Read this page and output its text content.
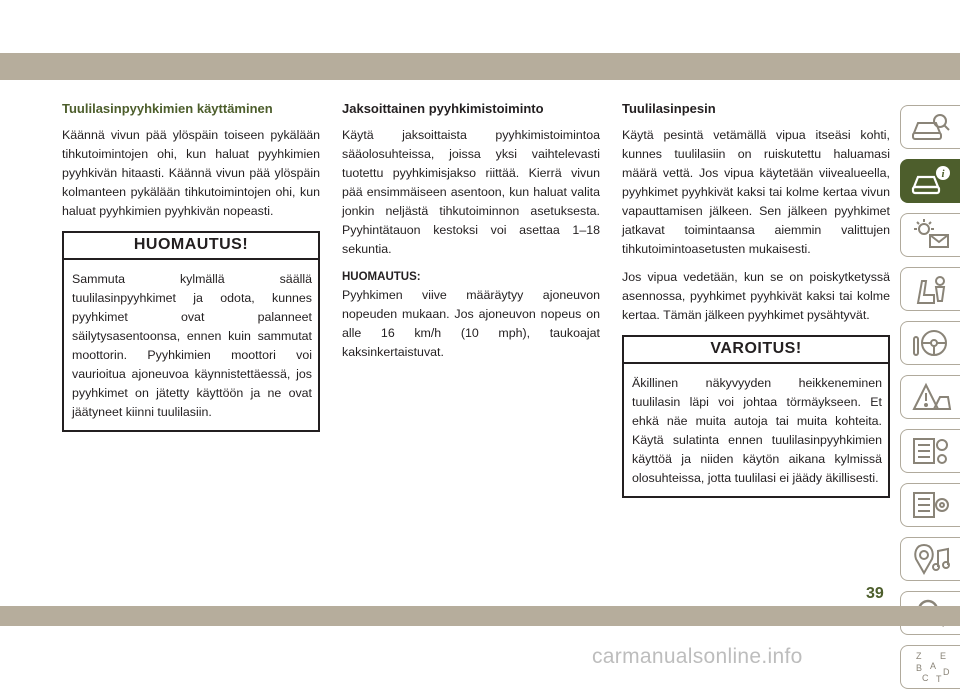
Tuulilasinpyyhkimien käyttäminen

Käännä vivun pää ylöspäin toiseen pykälään tihkutoimintojen ohi, kun haluat pyyhkimien pyyhkivän hitaasti. Käännä vivun pää ylöspäin kolmanteen pykälään tihkutoimintojen ohi, kun haluat pyyhkimien pyyhkivän nopeasti.

HUOMAUTUS!
Sammuta kylmällä säällä tuulilasinpyyhkimet ja odota, kunnes pyyhkimet ovat palanneet säilytysasentoonsa, ennen kuin sammutat moottorin. Pyyhkimien moottori voi vaurioitua ajoneuvoa käynnistettäessä, jos pyyhkimet on jätetty käyttöön ja ne ovat jäätyneet kiinni tuulilasiin.
Jaksoittainen pyyhkimistoiminto

Käytä jaksoittaista pyyhkimistoimintoa sääolosuhteissa, joissa yksi vaihtelevasti tuotettu pyyhkimisjakso riittää. Kierrä vivun pää ensimmäiseen asentoon, kun haluat valita jonkin neljästä tihkutoiminnon asetuksesta. Pyyhintätauon kestoksi voi asettaa 1–18 sekuntia.

HUOMAUTUS:

Pyyhkimen viive määräytyy ajoneuvon nopeuden mukaan. Jos ajoneuvon nopeus on alle 16 km/h (10 mph), taukoajat kaksinkertaistuvat.

Tuulilasinpesin

Käytä pesintä vetämällä vipua itseäsi kohti, kunnes tuulilasiin on ruiskutettu haluamasi määrä vettä. Jos vipua käytetään viivealueella, pyyhkimet pyyhkivät kaksi tai kolme kertaa vivun vapauttamisen jälkeen. Sen jälkeen pyyhkimet jatkavat toimintaansa aiemmin valittujen tihkutoimintoasetusten mukaisesti.

Jos vipua vedetään, kun se on poiskytketyssä asennossa, pyyhkimet pyyhkivät kaksi tai kolme kertaa. Tämän jälkeen pyyhkimet pysähtyvät.

VAROITUS!
Äkillinen näkyvyyden heikkeneminen tuulilasin läpi voi johtaa törmäykseen. Et ehkä näe muita autoja tai muita kohteita. Käytä sulatinta ennen tuulilasinpyyhkimien käyttöä ja niiden käytön aikana kylmissä olosuhteissa, jotta tuulilasi ei jäädy äkillisesti.
i
Z E
B A
C T
D
39
carmanualsonline.info
